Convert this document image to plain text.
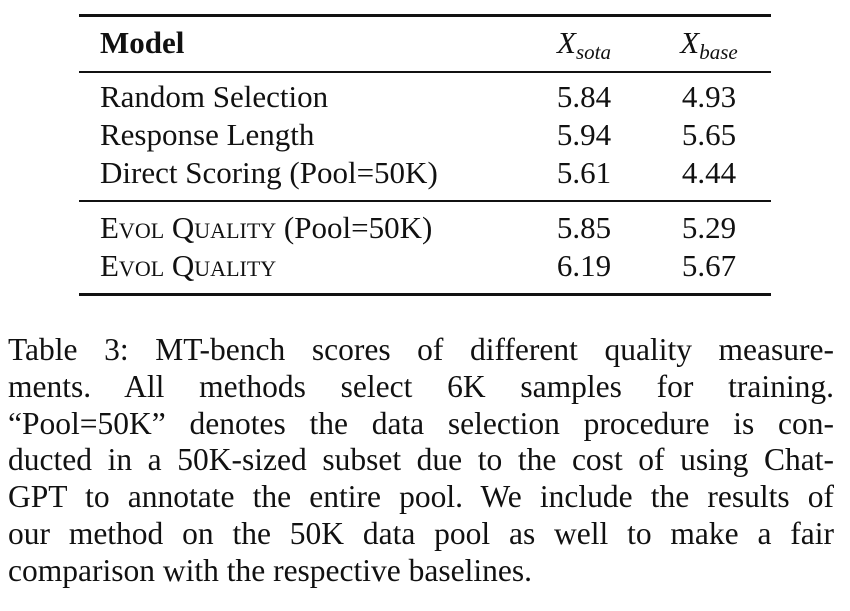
Model	$X_{sota}$	$X_{base}$
Random Selection	5.84	4.93
Response Length	5.94	5.65
Direct Scoring (Pool=50K)	5.61	4.44
Evol Quality (Pool=50K)	5.85	5.29
Evol Quality	6.19	5.67
Table 3: MT-bench scores of different quality measure-
ments. All methods select 6K samples for training.
“Pool=50K” denotes the data selection procedure is con-
ducted in a 50K-sized subset due to the cost of using Chat-
GPT to annotate the entire pool. We include the results of
our method on the 50K data pool as well to make a fair
comparison with the respective baselines.
